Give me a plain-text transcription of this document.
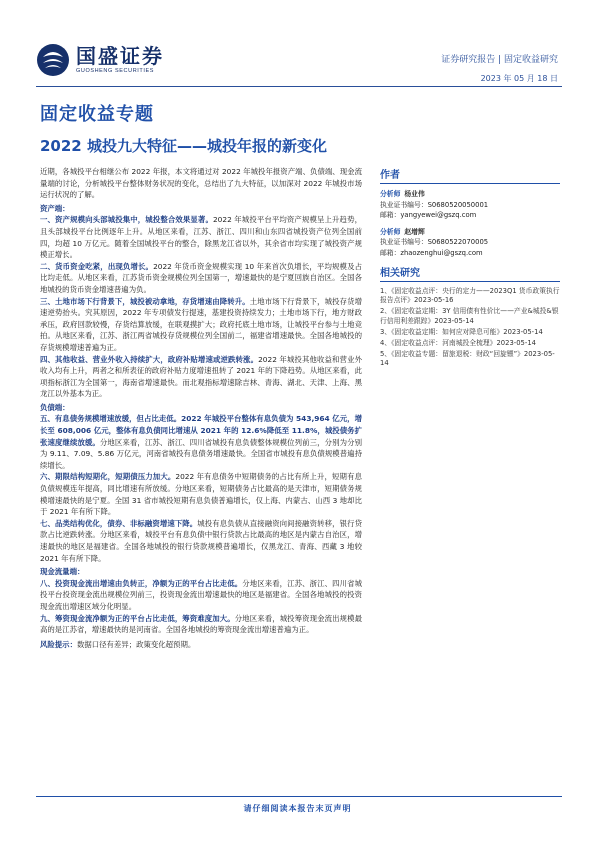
国盛证券
GUOSHENG SECURITIES
证券研究报告 | 固定收益研究
2023 年 05 月 18 日
固定收益专题
2022 城投九大特征——城投年报的新变化

近期，各城投平台相继公布 2022 年报，本文将通过对 2022 年城投年报资产端、负债端、现金流量端的讨论，分析城投平台整体财务状况的变化，总结出了九大特征，以加深对 2022 年城投市场运行状况的了解。

资产端：

一、资产规模向头部城投集中，城投整合效果显著。2022 年城投平台平均资产规模呈上升趋势，且头部城投平台比例逐年上升。从地区来看，江苏、浙江、四川和山东四省城投资产位列全国前四，均超 10 万亿元。随着全国城投平台的整合，除黑龙江省以外，其余省市均实现了城投资产规模正增长。

二、货币资金吃紧，出现负增长。2022 年货币资金规模实现 10 年来首次负增长，平均规模及占比均走低。从地区来看，江苏货币资金规模位列全国第一，增速最快的是宁夏回族自治区。全国各地城投的货币资金增速普遍为负。

三、土地市场下行背景下，城投被动拿地，存货增速由降转升。土地市场下行背景下，城投存货增速逆势抬头。究其原因，2022 年专项债发行提速，基建投资持续发力；土地市场下行，地方财政承压，政府回款较慢，存货结算放缓，在联观摸扩大；政府托底土地市场，让城投平台参与土地竞拍。从地区来看，江苏、浙江两省城投存货规模位列全国前二，福建省增速最快。全国各地城投的存货规模增速普遍为正。

四、其他收益、营业外收入持续扩大，政府补贴增速或逆跌转涨。2022 年城投其他收益和营业外收入均有上升，两者之和所表征的政府补贴力度增速扭转了 2021 年的下降趋势。从地区来看，此项指标浙江为全国第一，海南省增速最快。而北观指标增速除吉林、青海、湖北、天津、上海、黑龙江以外基本为正。

负债端：

五、有息债务规模增速放缓，但占比走低。2022 年城投平台整体有息负债为 543,964 亿元，增长至 608,006 亿元，整体有息负债同比增速从 2021 年的 12.6%降低至 11.8%，城投债务扩张速度继续放缓。分地区来看，江苏、浙江、四川省城投有息负债整体规模位列前三，分别为分别为 9.11、7.09、5.86 万亿元，河南省城投有息债务增速最快。全国省市城投有息负债规模普遍持续增长。

六、期限结构短期化，短期债压力加大。2022 年有息债务中短期债务的占比有所上升，短期有息负债规模连年提高，同比增速有所放缓。分地区来看，短期债务占比最高的是天津市，短期债务规模增速最快的是宁夏。全国 31 省市城投短期有息负债普遍增长，仅上海、内蒙古、山西 3 地却比于 2021 年有所下降。

七、品类结构优化，债券、非标融资增速下降。城投有息负债从直接融资向间接融资转移，银行贷款占比逆跌转涨。分地区来看，城投平台有息负债中银行贷款占比最高的地区是内蒙古自治区，增速最快的地区是福建省。全国各地城投的银行贷款规模普遍增长，仅黑龙江、青海、西藏 3 地较 2021 年有所下降。

现金流量端：

八、投资现金流出增速由负转正，净额为正的平台占比走低。分地区来看，江苏、浙江、四川省城投平台投资现金流出规模位列前三，投资现金流出增速最快的地区是福建省。全国各地城投的投资现金流出增速区域分化明显。

九、筹资现金流净额为正的平台占比走低，筹资难度加大。分地区来看，城投筹资现金流出规模最高的是江苏省，增速最快的是河南省。全国各地城投的筹资现金流出增速普遍为正。

风险提示：数据口径有差异；政策变化超预期。

作者
分析师 杨业伟
执业证书编号：S0680520050001
邮箱：yangyewei@gszq.com
分析师 赵增辉
执业证书编号：S0680522070005
邮箱：zhaozenghui@gszq.com
相关研究
1、《固定收益点评：央行的定力——2023Q1 货币政策执行报告点评》2023-05-16
2、《固定收益定期：3Y 信用债有性价比——产业&城投&银行信用利差跟踪》2023-05-14
3、《固定收益定期：如何应对降息可能》2023-05-14
4、《固定收益点评：河南城投全梳理》2023-05-14
5、《固定收益专题：留旅退税：财政“回旋镖”》2023-05-14
请仔细阅读本报告末页声明
